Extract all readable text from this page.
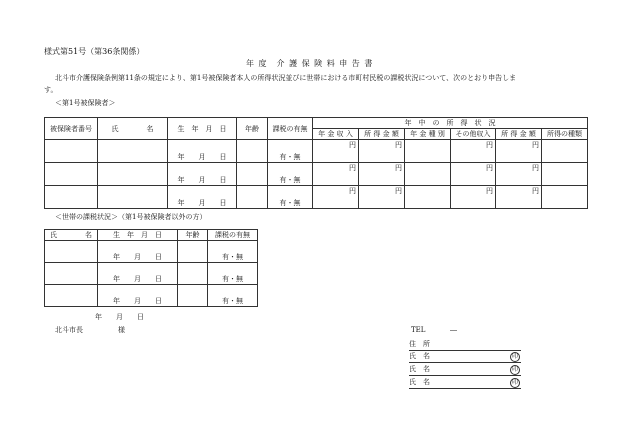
様式第51号（第36条関係）
年 度　介 護 保 険 料 申 告 書
北斗市介護保険条例第11条の規定により、第1号被保険者本人の所得状況並びに世帯における市町村民税の課税状況について、次のとおり申告しま
す。
＜第1号被保険者＞
被保険者番号	氏　　　　名	生　年　月　日	年齢	課税の有無	年　中　の　所　得　状　況					
					年 金 収 入	所 得 金 額	年 金 種 別	その他収入	所 得 金 額	所得の種類
		年　　月　　日		有・無	円	円		円	円	
		年　　月　　日		有・無	円	円		円	円	
		年　　月　　日		有・無	円	円		円	円	
＜世帯の課税状況＞（第1号被保険者以外の方）
氏　　　　名	生　年　月　日	年齢	課税の有無
	年　　月　　日		有・無
	年　　月　　日		有・無
	年　　月　　日		有・無
年　　月　　日
北斗市長　　　　　様	TEL	―
住　所
氏　名	印
氏　名	印
氏　名	印
